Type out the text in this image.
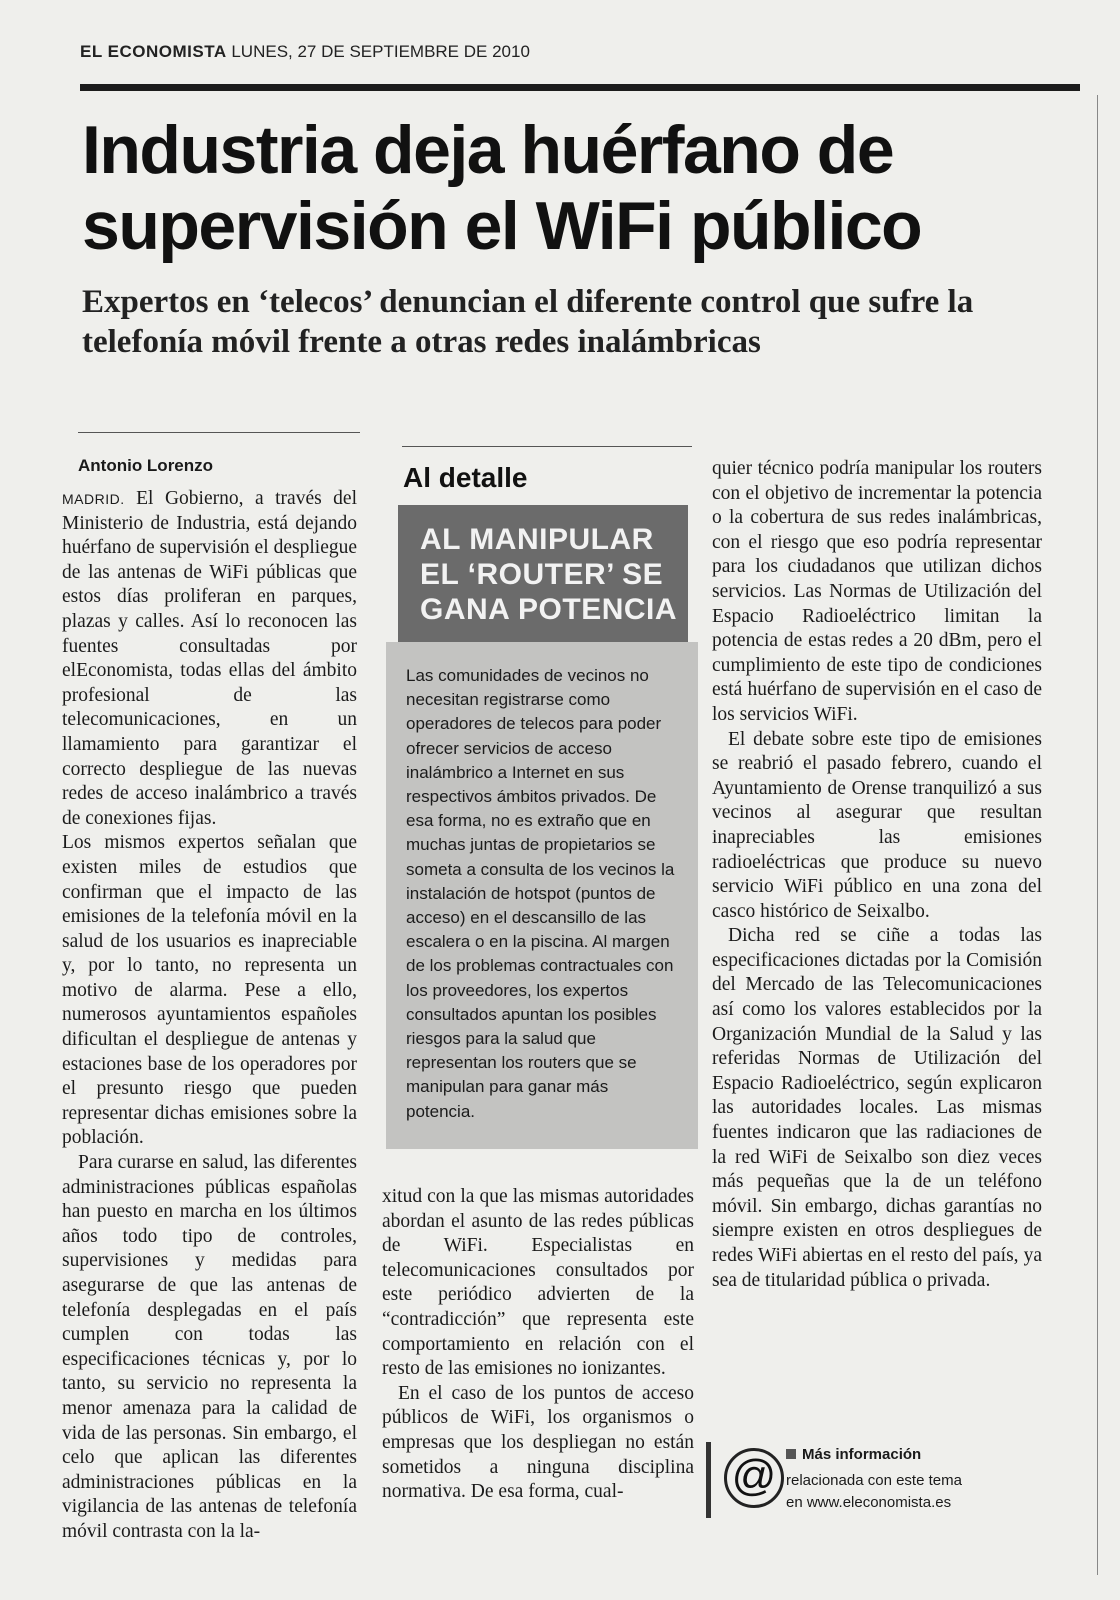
EL ECONOMISTA LUNES, 27 DE SEPTIEMBRE DE 2010
Industria deja huérfano de supervisión el WiFi público
Expertos en ‘telecos’ denuncian el diferente control que sufre la telefonía móvil frente a otras redes inalámbricas
Antonio Lorenzo

MADRID. El Gobierno, a través del Ministerio de Industria, está dejando huérfano de supervisión el despliegue de las antenas de WiFi públicas que estos días proliferan en parques, plazas y calles. Así lo reconocen las fuentes consultadas por elEconomista, todas ellas del ámbito profesional de las telecomunicaciones, en un llamamiento para garantizar el correcto despliegue de las nuevas redes de acceso inalámbrico a través de conexiones fijas.

Los mismos expertos señalan que existen miles de estudios que confirman que el impacto de las emisiones de la telefonía móvil en la salud de los usuarios es inapreciable y, por lo tanto, no representa un motivo de alarma. Pese a ello, numerosos ayuntamientos españoles dificultan el despliegue de antenas y estaciones base de los operadores por el presunto riesgo que pueden representar dichas emisiones sobre la población.

Para curarse en salud, las diferentes administraciones públicas españolas han puesto en marcha en los últimos años todo tipo de controles, supervisiones y medidas para asegurarse de que las antenas de telefonía desplegadas en el país cumplen con todas las especificaciones técnicas y, por lo tanto, su servicio no representa la menor amenaza para la calidad de vida de las personas. Sin embargo, el celo que aplican las diferentes administraciones públicas en la vigilancia de las antenas de telefonía móvil contrasta con la la-

Al detalle
AL MANIPULAR EL ‘ROUTER’ SE GANA POTENCIA

Las comunidades de vecinos no necesitan registrarse como operadores de telecos para poder ofrecer servicios de acceso inalámbrico a Internet en sus respectivos ámbitos privados. De esa forma, no es extraño que en muchas juntas de propietarios se someta a consulta de los vecinos la instalación de hotspot (puntos de acceso) en el descansillo de las escalera o en la piscina. Al margen de los problemas contractuales con los proveedores, los expertos consultados apuntan los posibles riesgos para la salud que representan los routers que se manipulan para ganar más potencia.

xitud con la que las mismas autoridades abordan el asunto de las redes públicas de WiFi. Especialistas en telecomunicaciones consultados por este periódico advierten de la “contradicción” que representa este comportamiento en relación con el resto de las emisiones no ionizantes.

En el caso de los puntos de acceso públicos de WiFi, los organismos o empresas que los despliegan no están sometidos a ninguna disciplina normativa. De esa forma, cual-

quier técnico podría manipular los routers con el objetivo de incrementar la potencia o la cobertura de sus redes inalámbricas, con el riesgo que eso podría representar para los ciudadanos que utilizan dichos servicios. Las Normas de Utilización del Espacio Radioeléctrico limitan la potencia de estas redes a 20 dBm, pero el cumplimiento de este tipo de condiciones está huérfano de supervisión en el caso de los servicios WiFi.

El debate sobre este tipo de emisiones se reabrió el pasado febrero, cuando el Ayuntamiento de Orense tranquilizó a sus vecinos al asegurar que resultan inapreciables las emisiones radioeléctricas que produce su nuevo servicio WiFi público en una zona del casco histórico de Seixalbo.

Dicha red se ciñe a todas las especificaciones dictadas por la Comisión del Mercado de las Telecomunicaciones así como los valores establecidos por la Organización Mundial de la Salud y las referidas Normas de Utilización del Espacio Radioeléctrico, según explicaron las autoridades locales. Las mismas fuentes indicaron que las radiaciones de la red WiFi de Seixalbo son diez veces más pequeñas que la de un teléfono móvil. Sin embargo, dichas garantías no siempre existen en otros despliegues de redes WiFi abiertas en el resto del país, ya sea de titularidad pública o privada.

@	Más información
relacionada con este tema
en www.eleconomista.es
